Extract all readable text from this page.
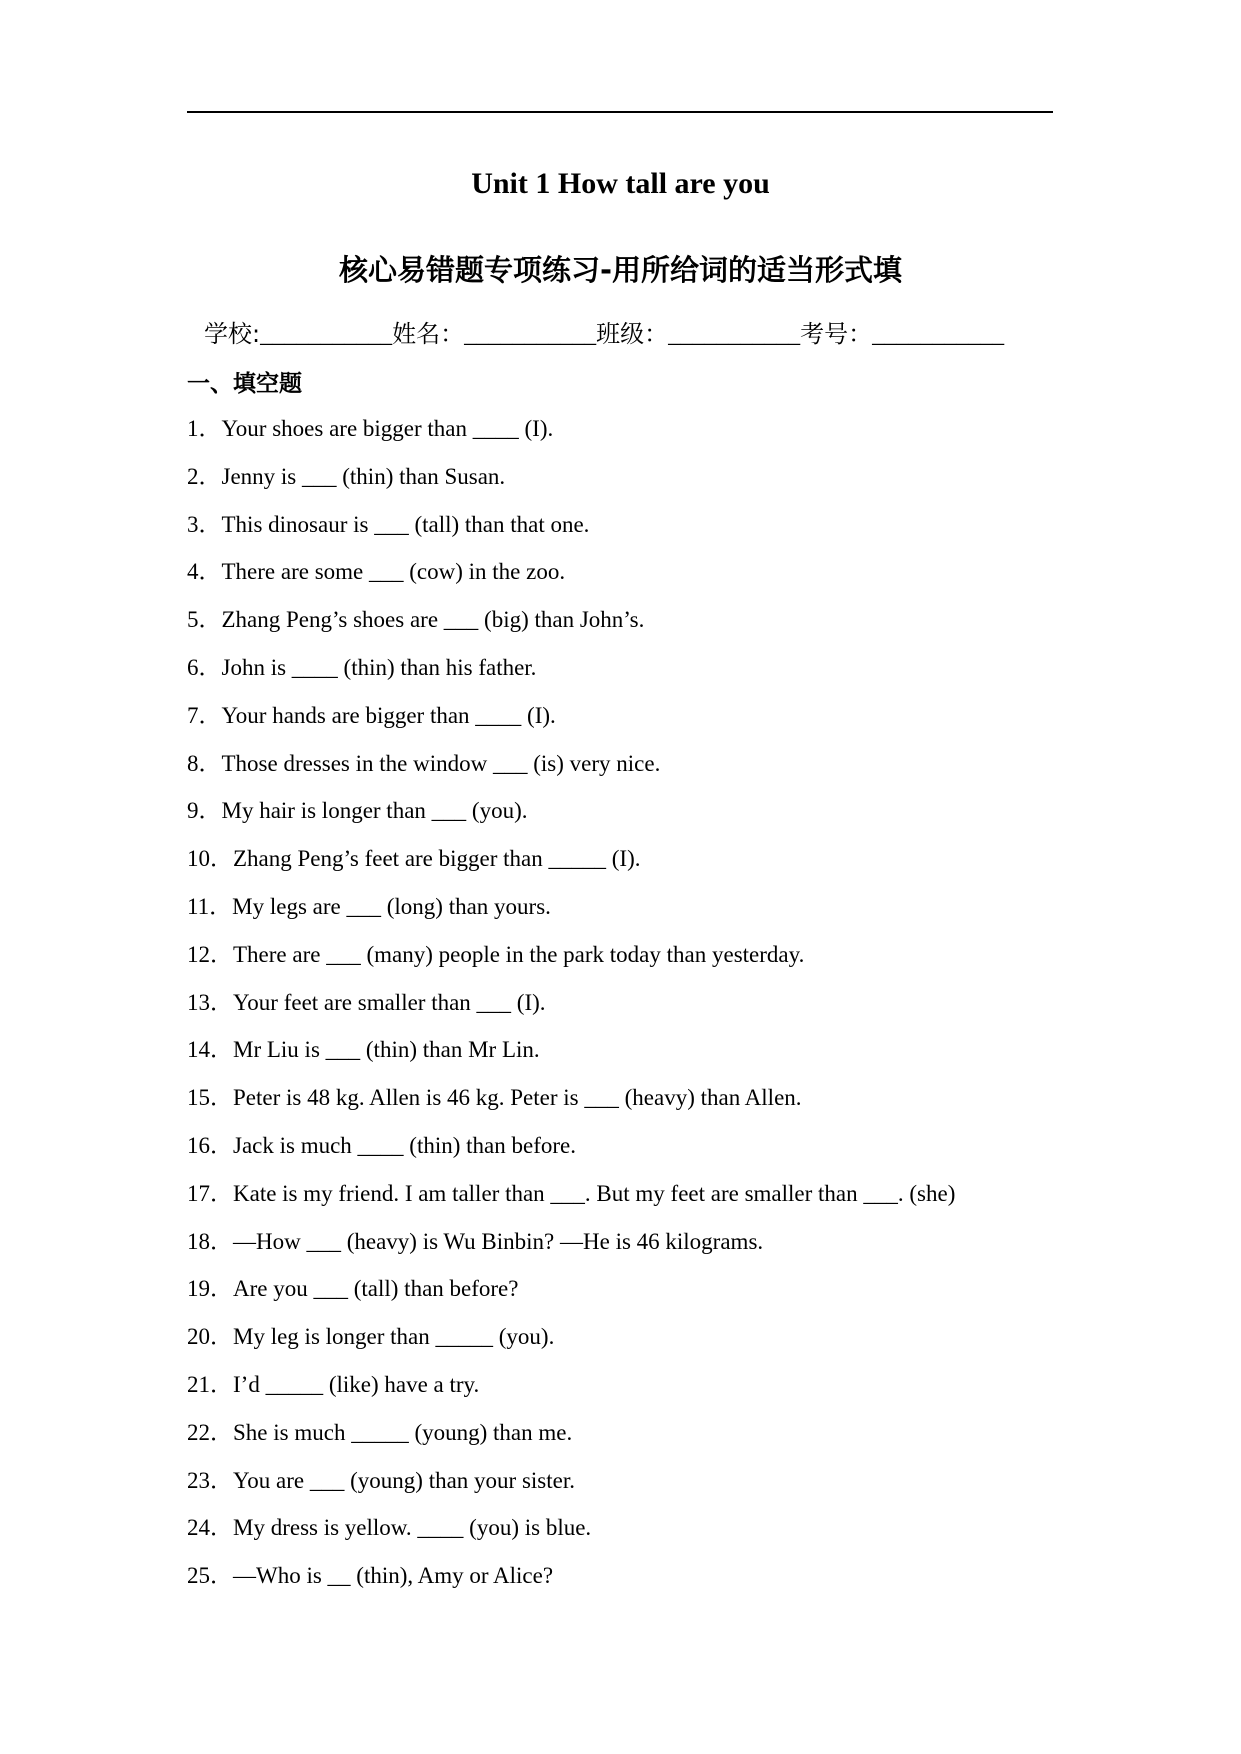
Unit 1 How tall are you
核心易错题专项练习-用所给词的适当形式填
学校:___________姓名：___________班级：___________考号：___________
一、填空题
1．Your shoes are bigger than ____ (I).
2．Jenny is ___ (thin) than Susan.
3．This dinosaur is ___ (tall) than that one.
4．There are some ___ (cow) in the zoo.
5．Zhang Peng’s shoes are ___ (big) than John’s.
6．John is ____ (thin) than his father.
7．Your hands are bigger than ____ (I).
8．Those dresses in the window ___ (is) very nice.
9．My hair is longer than ___ (you).
10．Zhang Peng’s feet are bigger than _____ (I).
11．My legs are ___ (long) than yours.
12．There are ___ (many) people in the park today than yesterday.
13．Your feet are smaller than ___ (I).
14．Mr Liu is ___ (thin) than Mr Lin.
15．Peter is 48 kg. Allen is 46 kg. Peter is ___ (heavy) than Allen.
16．Jack is much ____ (thin) than before.
17．Kate is my friend. I am taller than ___. But my feet are smaller than ___. (she)
18．—How ___ (heavy) is Wu Binbin? —He is 46 kilograms.
19．Are you ___ (tall) than before?
20．My leg is longer than _____ (you).
21．I’d _____ (like) have a try.
22．She is much _____ (young) than me.
23．You are ___ (young) than your sister.
24．My dress is yellow. ____ (you) is blue.
25．—Who is __ (thin), Amy or Alice?
